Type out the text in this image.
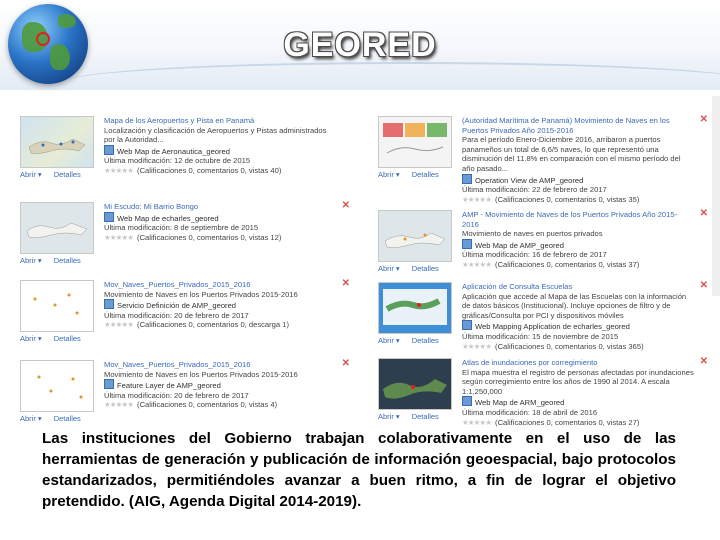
GEORED
Abrir ▾ Detalles
Mapa de los Aeropuertos y Pista en Panamá
Localización y clasificación de Aeropuertos y Pistas administrados por la Autoridad...
Web Map de Aeronautica_geored
Última modificación: 12 de octubre de 2015
★★★★★ (Calificaciones 0, comentarios 0, vistas 40)
Abrir ▾ Detalles
Mi Escudo: Mi Barrio Bongo
Web Map de echarles_geored
Última modificación: 8 de septiembre de 2015
★★★★★ (Calificaciones 0, comentarios 0, vistas 12)
✕
Abrir ▾ Detalles
Mov_Naves_Puertos_Privados_2015_2016
Movimiento de Naves en los Puertos Privados 2015-2016
Servicio Definición de AMP_geored
Última modificación: 20 de febrero de 2017
★★★★★ (Calificaciones 0, comentarios 0, descarga 1)
✕
Abrir ▾ Detalles
Mov_Naves_Puertos_Privados_2015_2016
Movimiento de Naves en los Puertos Privados 2015-2016
Feature Layer de AMP_geored
Última modificación: 20 de febrero de 2017
★★★★★ (Calificaciones 0, comentarios 0, vistas 4)
✕
Abrir ▾ Detalles
(Autoridad Marítima de Panamá) Movimiento de Naves en los Puertos Privados Año 2015-2016
Para el período Enero-Diciembre 2016, arribaron a puertos panameños un total de 6,6/5 naves, lo que representó una disminución del 11.8% en comparación con el mismo período del año pasado...
Operation View de AMP_geored
Última modificación: 22 de febrero de 2017
★★★★★ (Calificaciones 0, comentarios 0, vistas 35)
✕
Abrir ▾ Detalles
AMP - Movimiento de Naves de los Puertos Privados Año 2015-2016
Movimiento de naves en puertos privados
Web Map de AMP_geored
Última modificación: 16 de febrero de 2017
★★★★★ (Calificaciones 0, comentarios 0, vistas 37)
✕
Abrir ▾ Detalles
Aplicación de Consulta Escuelas
Aplicación que accede al Mapa de las Escuelas con la información de datos básicos (Institucional). Incluye opciones de filtro y de gráficas/Consulta por PCI y dispositivos móviles
Web Mapping Application de echarles_geored
Última modificación: 15 de noviembre de 2015
★★★★★ (Calificaciones 0, comentarios 0, vistas 365)
✕
Abrir ▾ Detalles
Atlas de inundaciones por corregimiento
El mapa muestra el registro de personas afectadas por inundaciones según corregimiento entre los años de 1990 al 2014. A escala 1:1,250,000
Web Map de ARM_geored
Última modificación: 18 de abril de 2016
★★★★★ (Calificaciones 0, comentarios 0, vistas 27)
✕
Las instituciones del Gobierno trabajan colaborativamente en el uso de las herramientas de generación y publicación de información geoespacial, bajo protocolos estandarizados, permitiéndoles avanzar a buen ritmo, a fin de lograr el objetivo pretendido. (AIG, Agenda Digital 2014-2019).
